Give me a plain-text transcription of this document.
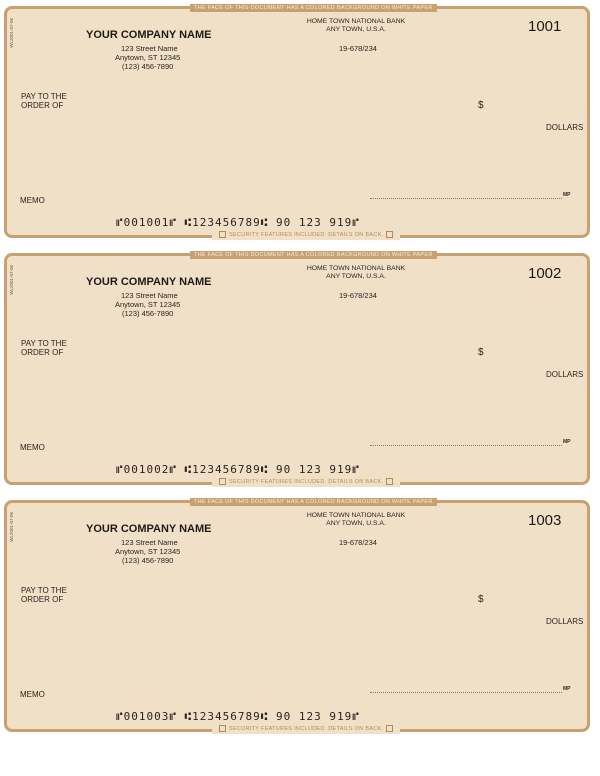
THE FACE OF THIS DOCUMENT HAS A COLORED BACKGROUND ON WHITE PAPER
WL2001-07-06	YOUR COMPANY NAME
123 Street Name
Anytown, ST 12345
(123) 456-7890
HOME TOWN NATIONAL BANK
ANY TOWN, U.S.A.
19-678/234
1001
PAY TO THE
ORDER OF	$
DOLLARS
MEMO
MP
⑈001001⑈ ⑆123456789⑆ 90 123 919⑈
SECURITY FEATURES INCLUDED. DETAILS ON BACK.
THE FACE OF THIS DOCUMENT HAS A COLORED BACKGROUND ON WHITE PAPER
WL2001-07-06	YOUR COMPANY NAME
123 Street Name
Anytown, ST 12345
(123) 456-7890
HOME TOWN NATIONAL BANK
ANY TOWN, U.S.A.
19-678/234
1002
PAY TO THE
ORDER OF	$
DOLLARS
MEMO
MP
⑈001002⑈ ⑆123456789⑆ 90 123 919⑈
SECURITY FEATURES INCLUDED. DETAILS ON BACK.
THE FACE OF THIS DOCUMENT HAS A COLORED BACKGROUND ON WHITE PAPER
WL2001-07-06	YOUR COMPANY NAME
123 Street Name
Anytown, ST 12345
(123) 456-7890
HOME TOWN NATIONAL BANK
ANY TOWN, U.S.A.
19-678/234
1003
PAY TO THE
ORDER OF	$
DOLLARS
MEMO
MP
⑈001003⑈ ⑆123456789⑆ 90 123 919⑈
SECURITY FEATURES INCLUDED. DETAILS ON BACK.
